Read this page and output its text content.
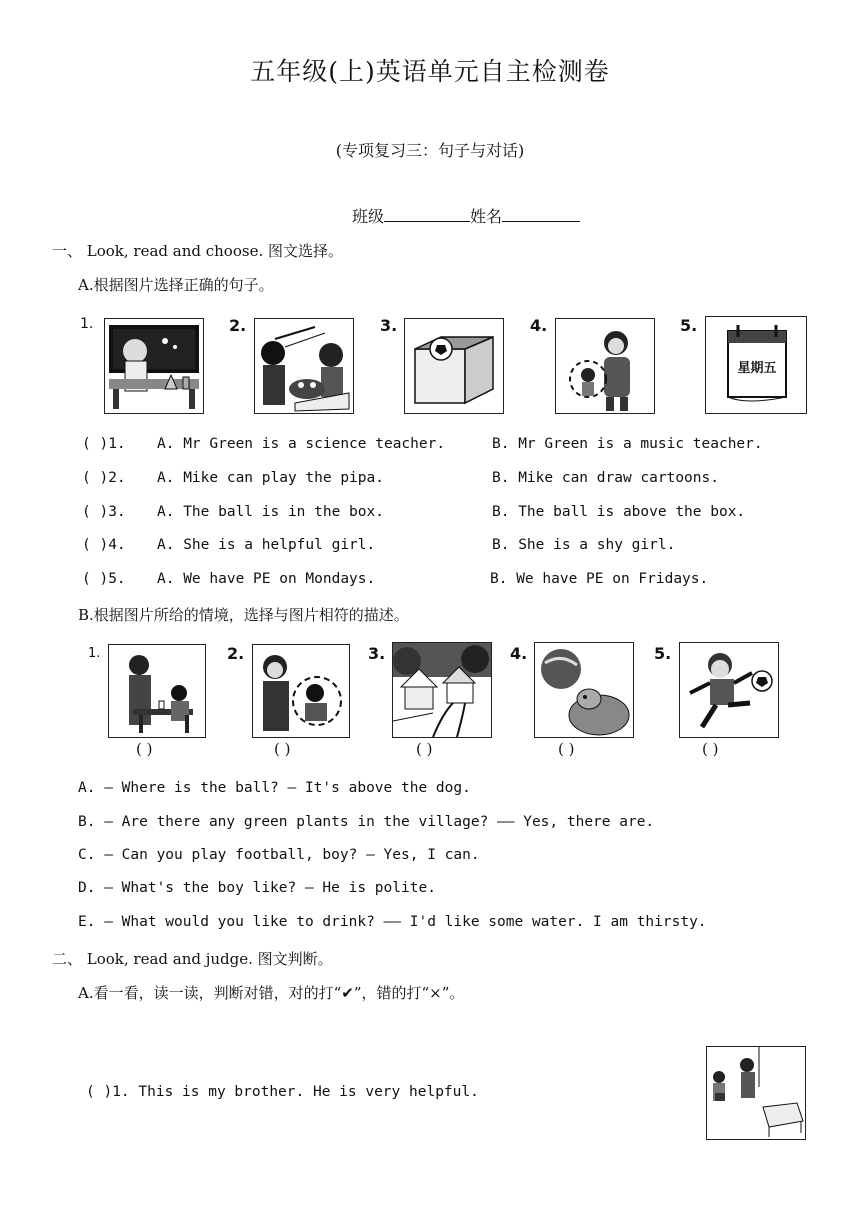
五年级(上)英语单元自主检测卷
(专项复习三：句子与对话)
班级	姓名
一、 Look, read and choose. 图文选择。
A.根据图片选择正确的句子。
1.	2.	3.	4.	5.
星期五
( )1. A. Mr Green is a science teacher.	B. Mr Green is a music teacher.
( )2. A. Mike can play the pipa.	B. Mike can draw cartoons.
( )3. A. The ball is in the box.	B. The ball is above the box.
( )4. A. She is a helpful girl.	B. She is a shy girl.
( )5. A. We have PE on Mondays.	B. We have PE on Fridays.
B.根据图片所给的情境，选择与图片相符的描述。
1.
( )
2.
( )
3.
( )
4.
( )
5.
( )
A. — Where is the ball? — It's above the dog.
B. — Are there any green plants in the village? —— Yes, there are.
C. — Can you play football, boy? — Yes, I can.
D. — What's the boy like? — He is polite.
E. — What would you like to drink? —— I'd like some water. I am thirsty.
二、 Look, read and judge. 图文判断。
A.看一看，读一读，判断对错，对的打“✔”，错的打“×”。
( )1. This is my brother. He is very helpful.
